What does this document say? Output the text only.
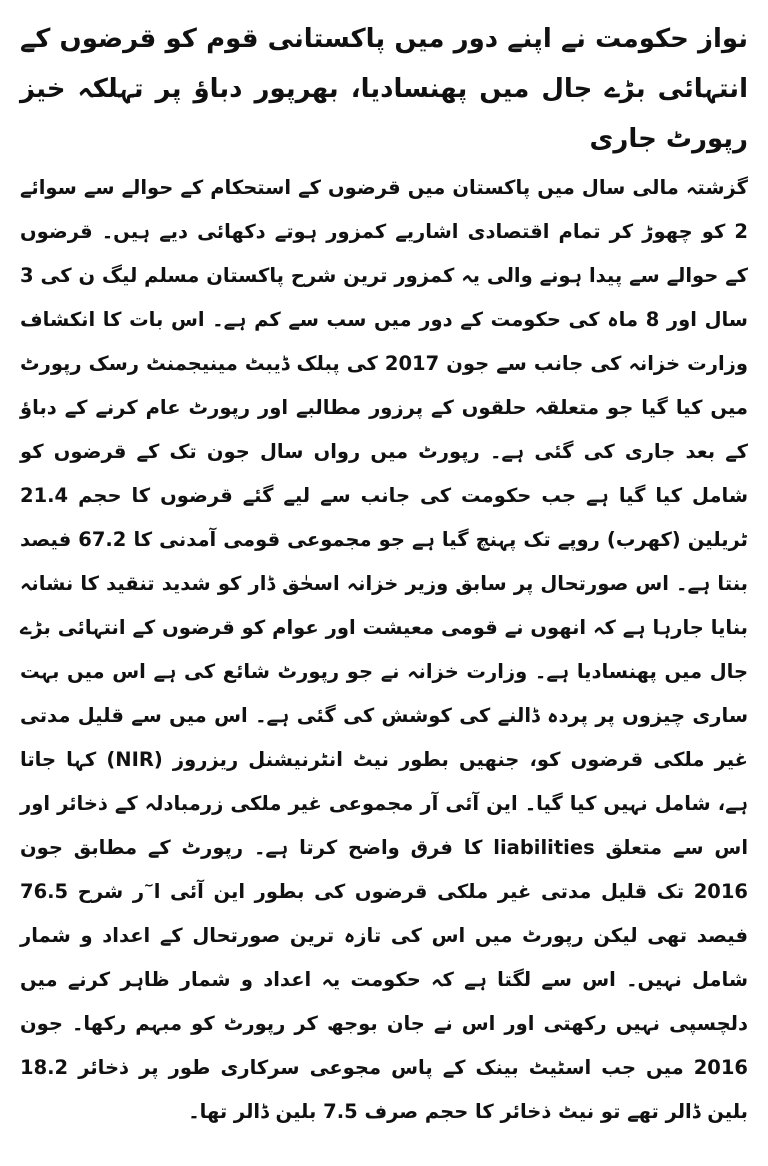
نواز حکومت نے اپنے دور میں پاکستانی قوم کو قرضوں کے انتہائی بڑے جال میں پھنسادیا، بھرپور دباؤ پر تہلکہ خیز رپورٹ جاری

گزشتہ مالی سال میں پاکستان میں قرضوں کے استحکام کے حوالے سے سوائے 2 کو چھوڑ کر تمام اقتصادی اشاریے کمزور ہوتے دکھائی دیے ہیں۔ قرضوں کے حوالے سے پیدا ہونے والی یہ کمزور ترین شرح پاکستان مسلم لیگ ن کی 3 سال اور 8 ماہ کی حکومت کے دور میں سب سے کم ہے۔ اس بات کا انکشاف وزارت خزانہ کی جانب سے جون 2017 کی پبلک ڈیبٹ مینیجمنٹ رسک رپورٹ میں کیا گیا جو متعلقہ حلقوں کے پرزور مطالبے اور رپورٹ عام کرنے کے دباؤ کے بعد جاری کی گئی ہے۔ رپورٹ میں رواں سال جون تک کے قرضوں کو شامل کیا گیا ہے جب حکومت کی جانب سے لیے گئے قرضوں کا حجم 21.4 ٹریلین (کھرب) روپے تک پہنچ گیا ہے جو مجموعی قومی آمدنی کا 67.2 فیصد بنتا ہے۔ اس صورتحال پر سابق وزیر خزانہ اسحٰق ڈار کو شدید تنقید کا نشانہ بنایا جارہا ہے کہ انھوں نے قومی معیشت اور عوام کو قرضوں کے انتہائی بڑے جال میں پھنسادیا ہے۔ وزارت خزانہ نے جو رپورٹ شائع کی ہے اس میں بہت ساری چیزوں پر پردہ ڈالنے کی کوشش کی گئی ہے۔ اس میں سے قلیل مدتی غیر ملکی قرضوں کو، جنھیں بطور نیٹ انٹرنیشنل ریزروز (NIR) کہا جاتا ہے، شامل نہیں کیا گیا۔ این آئی آر مجموعی غیر ملکی زرمبادلہ کے ذخائر اور اس سے متعلق liabilities کا فرق واضح کرتا ہے۔ رپورٹ کے مطابق جون 2016 تک قلیل مدتی غیر ملکی قرضوں کی بطور این آئی ا ٓر شرح 76.5 فیصد تھی لیکن رپورٹ میں اس کی تازہ ترین صورتحال کے اعداد و شمار شامل نہیں۔ اس سے لگتا ہے کہ حکومت یہ اعداد و شمار ظاہر کرنے میں دلچسپی نہیں رکھتی اور اس نے جان بوجھ کر رپورٹ کو مبہم رکھا۔ جون 2016 میں جب اسٹیٹ بینک کے پاس مجوعی سرکاری طور پر ذخائر 18.2 بلین ڈالر تھے تو نیٹ ذخائر کا حجم صرف 7.5 بلین ڈالر تھا۔
